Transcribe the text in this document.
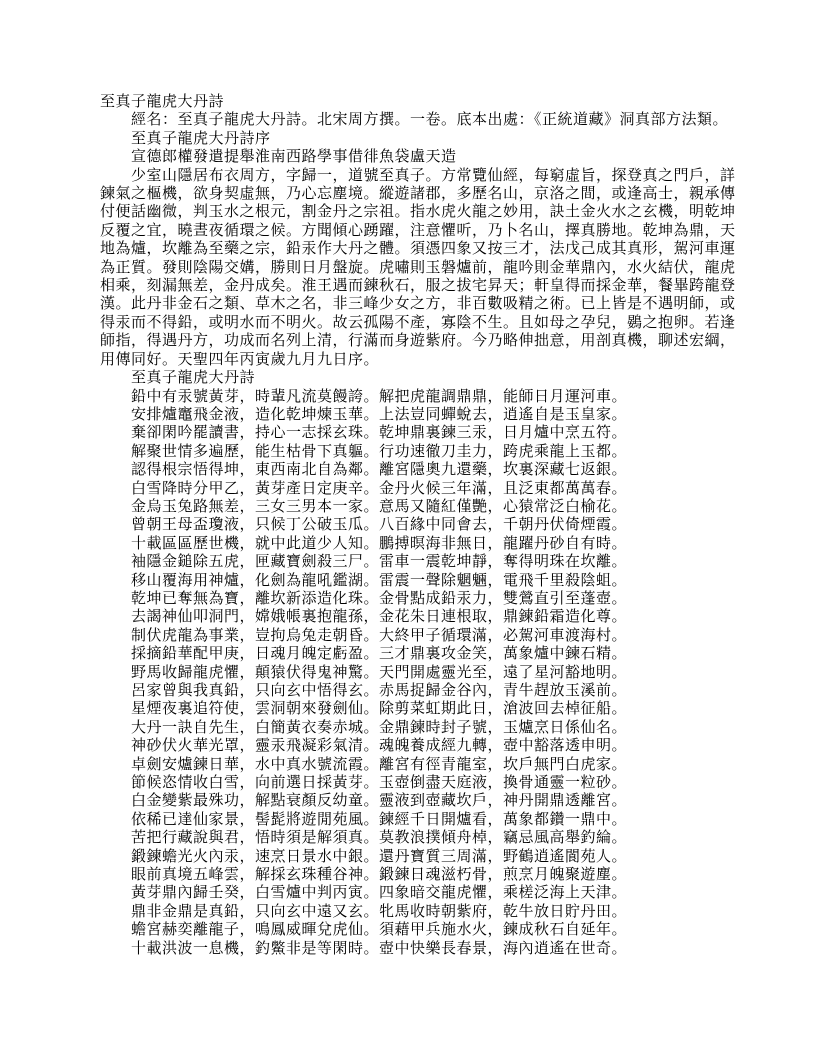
至真子龍虎大丹詩
經名：至真子龍虎大丹詩。北宋周方撰。一卷。底本出處：《正統道藏》洞真部方法類。
至真子龍虎大丹詩序
宣德郎權發遣提舉淮南西路學事借徘魚袋盧天造
少室山隱居布衣周方，字歸一，道號至真子。方常覽仙經，每窮虛旨，探登真之門戶，詳
鍊氣之樞機，欲身契虛無，乃心忘塵境。縱遊諸郡，多歷名山，京洛之間，或逢高士，親承傳
付便話幽微，判玉水之根元，割金丹之宗祖。指水虎火龍之妙用，訣土金火水之玄機，明乾坤
反覆之宜，曉晝夜循環之候。方聞傾心踴躍，注意懼听，乃卜名山，擇真勝地。乾坤為鼎，天
地為爐，坎離為至藥之宗，鉛汞作大丹之體。須憑四象又按三才，法戊己成其真形，駕河車運
為正質。發則陰陽交媾，勝則日月盤旋。虎嘯則玉磐爐前，龍吟則金華鼎內，水火結伏，龍虎
相乘，刻漏無差，金丹成矣。淮王遇而鍊秋石，服之拔宅昇天；軒皇得而採金華，餐畢跨龍登
漢。此丹非金石之類、草木之名，非三峰少女之方，非百數吸精之術。已上皆是不遇明師，或
得汞而不得鉛，或明水而不明火。故云孤陽不產，寡陰不生。且如母之孕兒，鷃之抱卵。若逢
師指，得遇丹方，功成而名列上清，行滿而身遊紫府。今乃略伸拙意，用剖真機，聊述宏綱，
用傳同好。天聖四年丙寅歲九月九日序。
至真子龍虎大丹詩
鉛中有汞號黃芽，時輩凡流莫饅誇。解把虎龍調鼎鼎，能師日月運河車。
安排爐竈飛金液，造化乾坤煉玉華。上法豈同蟬蛻去，逍遙自是玉皇家。
棄卻閑吟罷讀書，持心一志採玄珠。乾坤鼎裏鍊三汞，日月爐中烹五符。
解聚世情多遍歷，能生枯骨下真軀。行功速徹刀圭力，跨虎乘龍上玉都。
認得根宗悟得坤，東西南北自為鄰。離宮隱奧九還藥，坎裏深藏七返銀。
白雪降時分甲乙，黃芽產日定庚辛。金丹火候三年滿，且泛東都萬萬春。
金烏玉兔路無差，三女三男本一家。意馬又隨紅僅艷，心猿常泛白榆花。
曾朝王母盃瓊液，只候丁公破玉瓜。八百緣中同會去，千朝丹伏倚煙霞。
十載區區歷世機，就中此道少人知。鵬搏暝海非無日，龍躍丹砂自有時。
袖隱金鎚除五虎，匣藏寶劍殺三尸。雷車一震乾坤靜，奪得明珠在坎離。
移山覆海用神爐，化劍為龍吼鑑湖。雷震一聲除魍魎，電飛千里殺陰蛆。
乾坤已奪無為寶，離坎新添造化珠。金骨點成鉛汞力，雙鶯直引至蓬壺。
去謁神仙叩洞門，嫦娥帳裏抱龍孫，金花朱日連根取，鼎鍊鉛霜造化尊。
制伏虎龍為事業，豈拘烏兔走朝昏。大終甲子循環滿，必駕河車渡海村。
採摘鉛華配甲庚，日魂月魄定虧盈。三才鼎裏攻金笑，萬象爐中鍊石精。
野馬收歸龍虎懼，顛猿伏得鬼神驚。天門開處靈光至，遠了星河豁地明。
呂家曾與我真鉛，只向玄中悟得玄。赤馬捉歸金谷內，青牛趕放玉溪前。
星煙夜裏追符使，雲洞朝來發劍仙。除剪菜虹期此日，滄波回去棹征船。
大丹一訣自先生，白簡黃衣奏赤城。金鼎鍊時封子號，玉爐烹日係仙名。
神砂伏火華光罩，靈汞飛凝彩氣清。魂魄養成經九轉，壺中豁落透申明。
卓劍安爐鍊日華，水中真水號流霞。離宮有徑青龍室，坎戶無門白虎家。
節候恣情收白雪，向前選日採黃芽。玉壺倒盡天庭液，換骨通靈一粒砂。
白金變紫最殊功，解點衰顏反幼童。靈液到壺藏坎戶，神丹開鼎透離宮。
依稀已達仙家景，髻髭將遊閒苑風。鍊經千日開爐看，萬象都鑽一鼎中。
苦把行藏說與君，悟時須是解須真。莫教浪撲傾舟棹，竊忌風高舉釣綸。
鍛鍊蟾光火內汞，速烹日景水中銀。還丹寶質三周滿，野鶴逍遙閬苑人。
眼前真境五峰雲，解採玄珠種谷神。鍛鍊日魂滋朽骨，煎烹月魄聚遊塵。
黃芽鼎內歸壬癸，白雪爐中判丙寅。四象暗交龍虎懼，乘槎泛海上天津。
鼎非金鼎是真鉛，只向玄中遠又玄。牝馬收時朝紫府，乾牛放日貯丹田。
蟾宮赫奕離龍子，鳴鳳威暉兌虎仙。須藉甲兵施水火，鍊成秋石自延年。
十載洪波一息機，釣鱉非是等閑時。壺中快樂長春景，海內逍遙在世奇。
